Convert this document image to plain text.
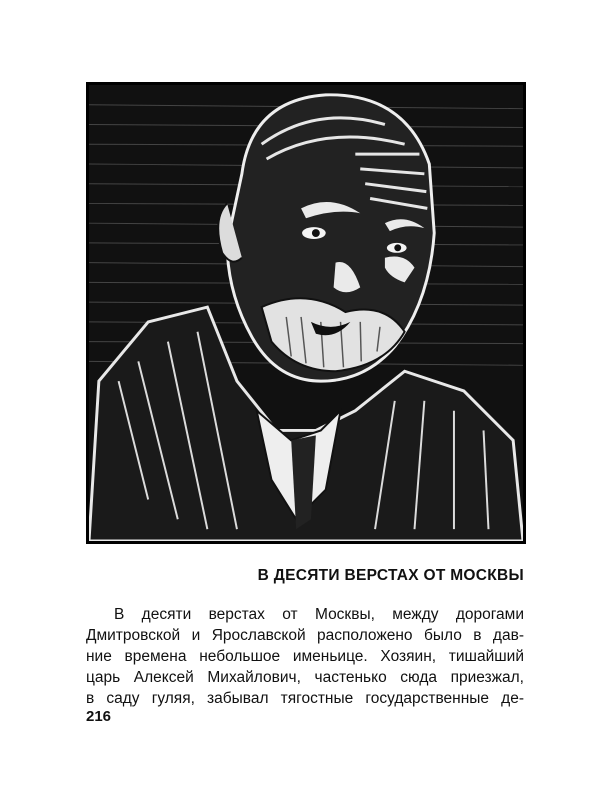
В ДЕСЯТИ ВЕРСТАХ ОТ МОСКВЫ
В десяти верстах от Москвы, между дорогами
Дмитровской и Ярославской расположено было в дав-
ние времена небольшое именьице. Хозяин, тишайший
царь Алексей Михайлович, частенько сюда приезжал,
в саду гуляя, забывал тягостные государственные де-
216
